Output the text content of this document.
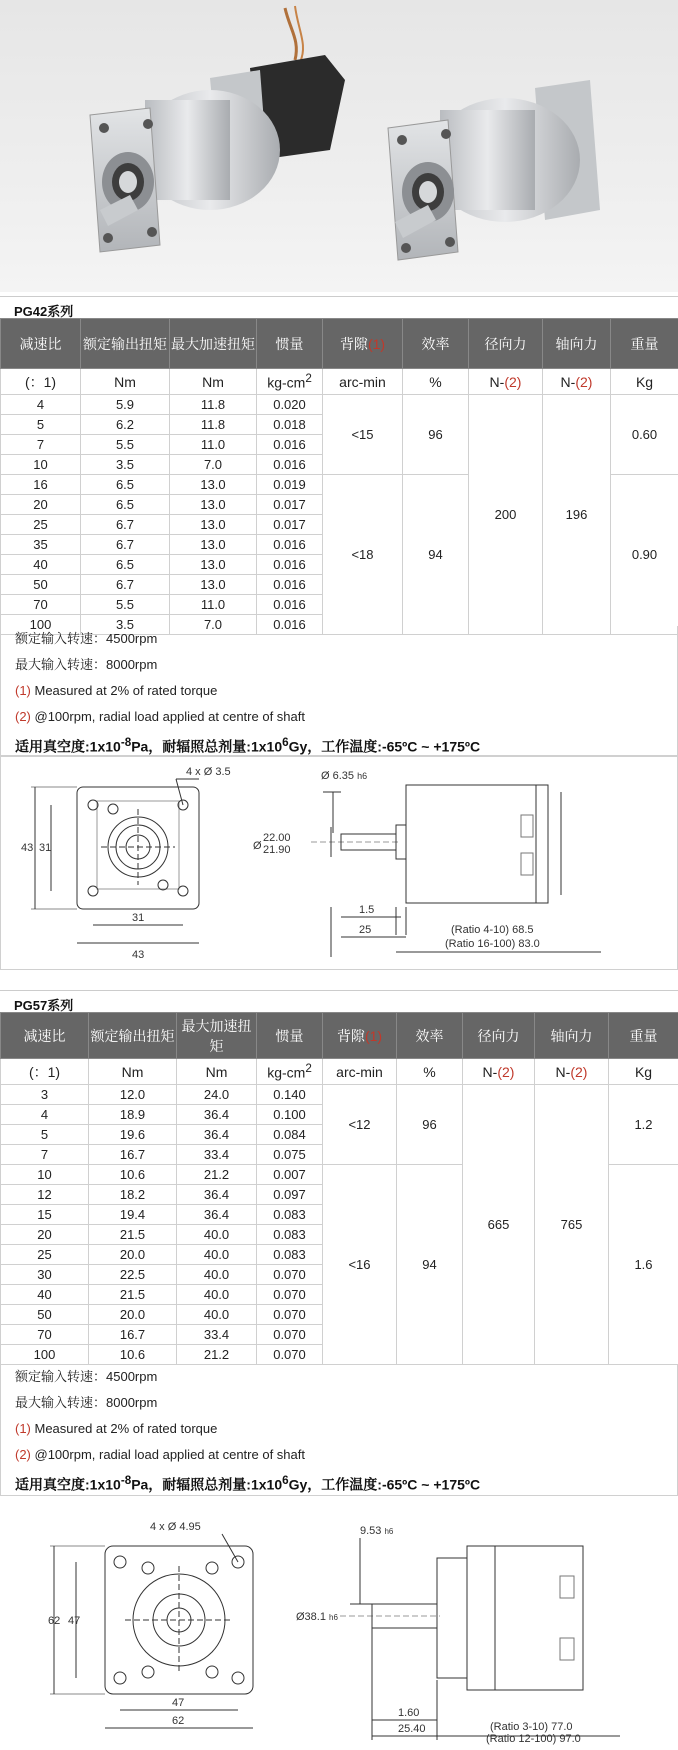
PG42系列
减速比	额定输出扭矩	最大加速扭矩	惯量	背隙(1)	效率	径向力	轴向力	重量
(：1)	Nm	Nm	$kg-cm^2$	arc-min	%	N-(2)	N-(2)	Kg
4	5.9	11.8	0.020	<15	96	200	196	0.60
5	6.2	11.8	0.018					
7	5.5	11.0	0.016					
10	3.5	7.0	0.016					
16	6.5	13.0	0.019	<18	94			0.90
20	6.5	13.0	0.017					
25	6.7	13.0	0.017					
35	6.7	13.0	0.016					
40	6.5	13.0	0.016					
50	6.7	13.0	0.016					
70	5.5	11.0	0.016					
100	3.5	7.0	0.016					
额定输入转速：4500rpm
最大输入转速：8000rpm
(1) Measured at 2% of rated torque
(2) @100rpm, radial load applied at centre of shaft
适用真空度$:1x10^{-8}Pa$，耐辐照总剂量$:1x10^6Gy$，工作温度:-65ºC ~ +175ºC
4 x Ø 3.5
43 31
31
43
Ø 6.35 h6
Ø
22.00
21.90
1.5
25	(Ratio 4-10) 68.5
(Ratio 16-100) 83.0
PG57系列
减速比	额定输出扭矩	最大加速扭矩	惯量	背隙(1)	效率	径向力	轴向力	重量
(：1)	Nm	Nm	$kg-cm^2$	arc-min	%	N-(2)	N-(2)	Kg
3	12.0	24.0	0.140	<12	96	665	765	1.2
4	18.9	36.4	0.100					
5	19.6	36.4	0.084					
7	16.7	33.4	0.075					
10	10.6	21.2	0.007	<16	94			1.6
12	18.2	36.4	0.097					
15	19.4	36.4	0.083					
20	21.5	40.0	0.083					
25	20.0	40.0	0.083					
30	22.5	40.0	0.070					
40	21.5	40.0	0.070					
50	20.0	40.0	0.070					
70	16.7	33.4	0.070					
100	10.6	21.2	0.070					
额定输入转速：4500rpm
最大输入转速：8000rpm
(1) Measured at 2% of rated torque
(2) @100rpm, radial load applied at centre of shaft
适用真空度$:1x10^{-8}Pa$，耐辐照总剂量$:1x10^6Gy$，工作温度:-65ºC ~ +175ºC
4 x Ø 4.95
62 47
47
62
9.53 h6
Ø38.1 h6
1.60
25.40	(Ratio 3-10) 77.0
(Ratio 12-100) 97.0
